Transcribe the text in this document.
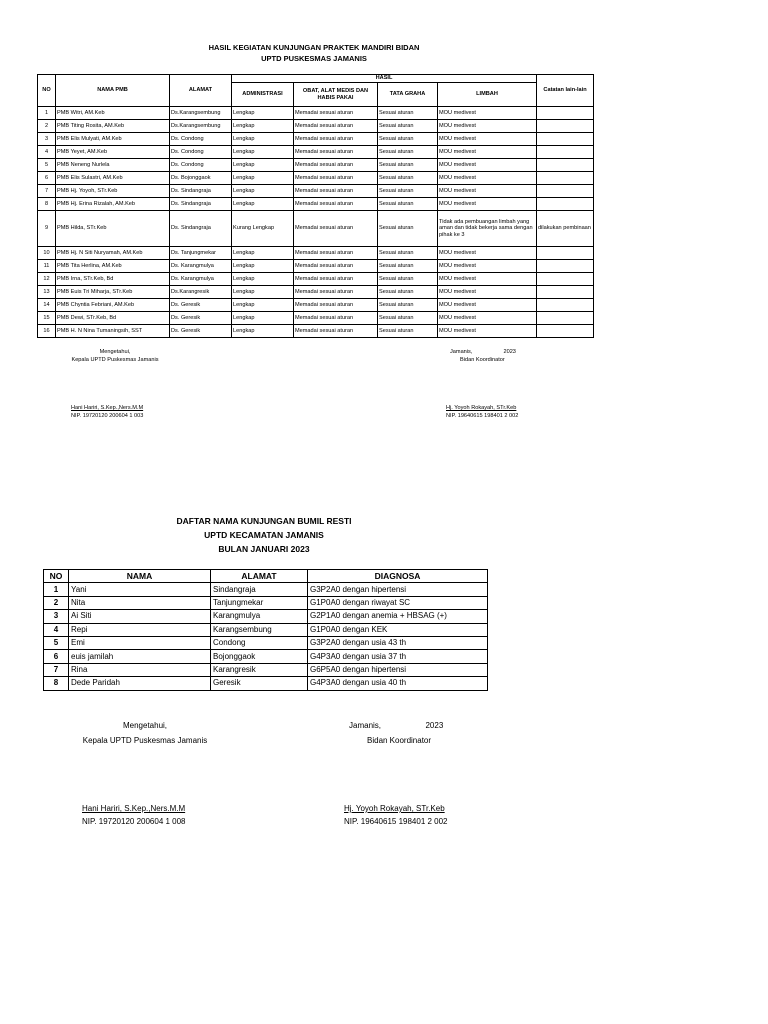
HASIL KEGIATAN KUNJUNGAN PRAKTEK MANDIRI BIDAN
UPTD PUSKESMAS JAMANIS
NO	NAMA PMB	ALAMAT	HASIL				Catatan lain-lain
			ADMINISTRASI	OBAT, ALAT MEDIS DAN HABIS PAKAI	TATA GRAHA	LIMBAH	
1	PMB Witri, AM.Keb	Ds.Karangsembung	Lengkap	Memadai sesuai aturan	Sesuai aturan	MOU medivest	
2	PMB Titing Rosita, AM.Keb	Ds.Karangsembung	Lengkap	Memadai sesuai aturan	Sesuai aturan	MOU medivest	
3	PMB Elis Mulyati, AM.Keb	Ds. Condong	Lengkap	Memadai sesuai aturan	Sesuai aturan	MOU medivest	
4	PMB Yeyet, AM.Keb	Ds. Condong	Lengkap	Memadai sesuai aturan	Sesuai aturan	MOU medivest	
5	PMB Neneng Nurlela	Ds. Condong	Lengkap	Memadai sesuai aturan	Sesuai aturan	MOU medivest	
6	PMB Elis Sulastri, AM.Keb	Ds. Bojonggaok	Lengkap	Memadai sesuai aturan	Sesuai aturan	MOU medivest	
7	PMB Hj. Yoyoh, STr.Keb	Ds. Sindangraja	Lengkap	Memadai sesuai aturan	Sesuai aturan	MOU medivest	
8	PMB Hj. Erina Rizalah, AM.Keb	Ds. Sindangraja	Lengkap	Memadai sesuai aturan	Sesuai aturan	MOU medivest	
9	PMB Hilda, STr.Keb	Ds. Sindangraja	Kurang Lengkap	Memadai sesuai aturan	Sesuai aturan	Tidak ada pembuangan limbah yang aman dan tidak bekerja sama dengan pihak ke 3	dilakukan pembinaan
10	PMB Hj. N Siti Nuryamah, AM.Keb	Ds. Tanjungmekar	Lengkap	Memadai sesuai aturan	Sesuai aturan	MOU medivest	
11	PMB Tita Herlina, AM.Keb	Ds. Karangmulya	Lengkap	Memadai sesuai aturan	Sesuai aturan	MOU medivest	
12	PMB Irna, STr.Keb, Bd	Ds. Karangmulya	Lengkap	Memadai sesuai aturan	Sesuai aturan	MOU medivest	
13	PMB Euis Tri Miharja, STr.Keb	Ds.Karangresik	Lengkap	Memadai sesuai aturan	Sesuai aturan	MOU medivest	
14	PMB Chyntia Febriani, AM.Keb	Ds. Geresik	Lengkap	Memadai sesuai aturan	Sesuai aturan	MOU medivest	
15	PMB Dewi, STr.Keb, Bd	Ds. Geresik	Lengkap	Memadai sesuai aturan	Sesuai aturan	MOU medivest	
16	PMB H. N Nina Tumaningsih, SST	Ds. Geresik	Lengkap	Memadai sesuai aturan	Sesuai aturan	MOU medivest	
Mengetahui,
Kepala UPTD Puskesmas Jamanis
Jamanis,                    2023
Bidan Koordinator
Hani Hariri, S.Kep.,Ners.M.M
NIP. 19720120 200604 1 003
Hj. Yoyoh Rokayah, STr.Keb
NIP. 19640615 198401 2 002
DAFTAR NAMA KUNJUNGAN BUMIL RESTI
UPTD KECAMATAN JAMANIS
BULAN JANUARI 2023
NO	NAMA	ALAMAT	DIAGNOSA
1	Yani	Sindangraja	G3P2A0 dengan hipertensi
2	Nita	Tanjungmekar	G1P0A0 dengan riwayat SC
3	Ai Siti	Karangmulya	G2P1A0 dengan anemia + HBSAG (+)
4	Repi	Karangsembung	G1P0A0 dengan KEK
5	Emi	Condong	G3P2A0 dengan usia 43 th
6	euis jamilah	Bojonggaok	G4P3A0 dengan usia 37 th
7	Rina	Karangresik	G6P5A0 dengan hipertensi
8	Dede Paridah	Geresik	G4P3A0 dengan usia 40 th
Mengetahui,
Kepala UPTD Puskesmas Jamanis
Jamanis,                    2023
Bidan Koordinator
Hani Hariri, S.Kep.,Ners.M.M
NIP. 19720120 200604 1 008
Hj. Yoyoh Rokayah, STr.Keb
NIP. 19640615 198401 2 002
